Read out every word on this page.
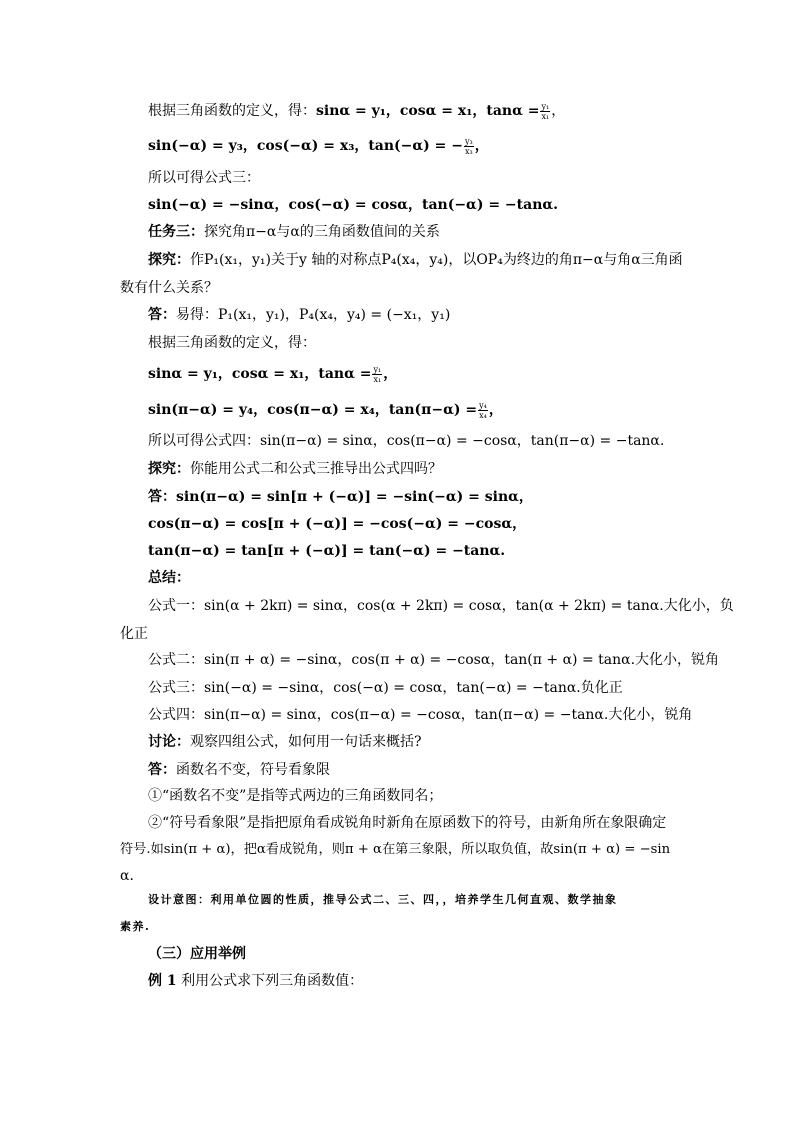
根据三角函数的定义，得：sinα = y₁，cosα = x₁，$\tan\alpha = \frac{\text{y₁}}{\text{x₁}}$ ，
sin(−α) = y₃，cos(−α) = x₃，tan(−α) = − $\frac{\text{y₃}}{\text{x₃}}$ ，
所以可得公式三：
sin(−α) = −sinα，cos(−α) = cosα，tan(−α) = −tanα.
任务三：探究角π−α与α的三角函数值间的关系
探究：作P₁(x₁，y₁)关于y 轴的对称点P₄(x₄，y₄)，以OP₄为终边的角π−α与角α三角函
数有什么关系？
答：易得：P₁(x₁，y₁)，P₄(x₄，y₄) = (−x₁，y₁)
根据三角函数的定义，得：
sinα = y₁，cosα = x₁，$\tan\alpha = \frac{\text{y₁}}{\text{x₁}}$ ，
sin(π−α) = y₄，cos(π−α) = x₄，$\tan(\pi-\alpha) = \frac{\text{y₄}}{\text{x₄}}$ ，
所以可得公式四：sin(π−α) = sinα，cos(π−α) = −cosα，tan(π−α) = −tanα.
探究：你能用公式二和公式三推导出公式四吗？
答：sin(π−α) = sin[π + (−α)] = −sin(−α) = sinα，
cos(π−α) = cos[π + (−α)] = −cos(−α) = −cosα，
tan(π−α) = tan[π + (−α)] = tan(−α) = −tanα.
总结：
公式一：sin(α + 2kπ) = sinα，cos(α + 2kπ) = cosα，tan(α + 2kπ) = tanα.大化小，负
化正
公式二：sin(π + α) = −sinα，cos(π + α) = −cosα，tan(π + α) = tanα.大化小，锐角
公式三：sin(−α) = −sinα，cos(−α) = cosα，tan(−α) = −tanα.负化正
公式四：sin(π−α) = sinα，cos(π−α) = −cosα，tan(π−α) = −tanα.大化小，锐角
讨论：观察四组公式，如何用一句话来概括?
答：函数名不变，符号看象限
①“函数名不变”是指等式两边的三角函数同名；
②“符号看象限”是指把原角看成锐角时新角在原函数下的符号，由新角所在象限确定
符号.如sin(π + α)，把α看成锐角，则π + α在第三象限，所以取负值，故sin(π + α) = −sin
α.
设计意图：利用单位圆的性质，推导公式二、三、四，，培养学生几何直观、数学抽象
素养.
（三）应用举例
例 1 利用公式求下列三角函数值：
